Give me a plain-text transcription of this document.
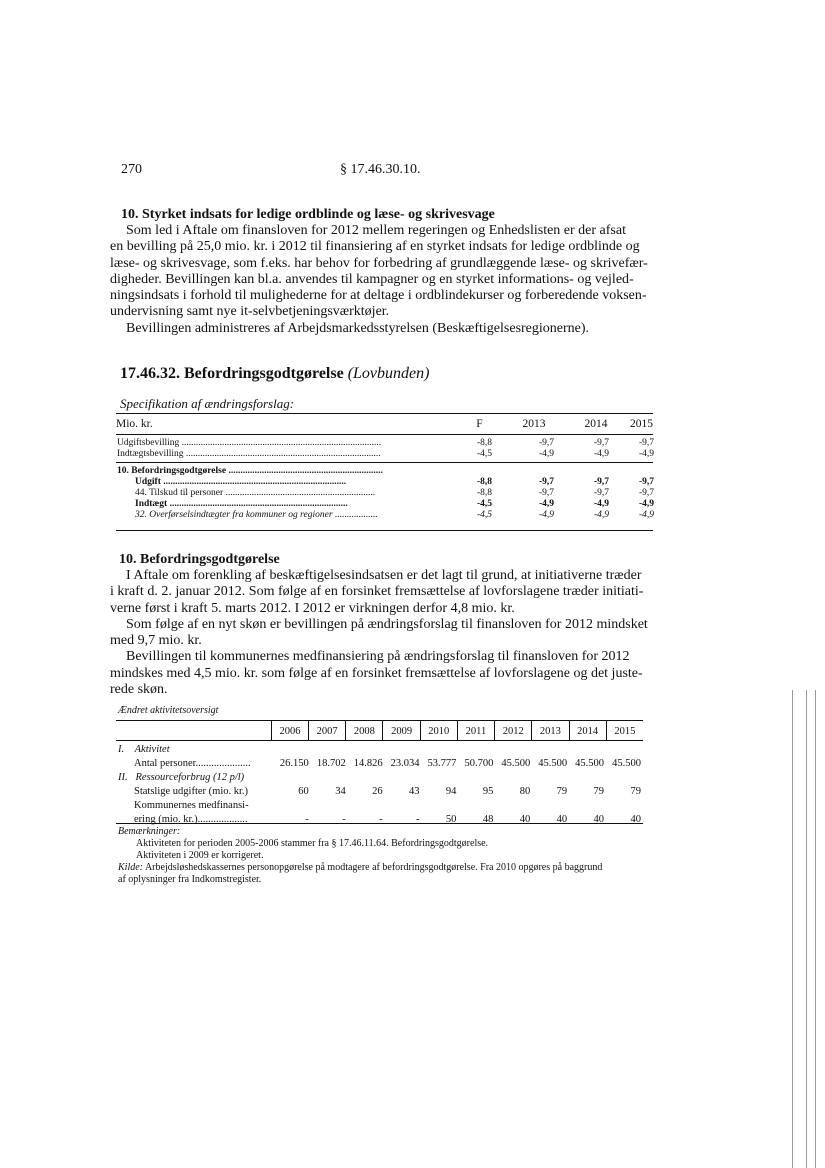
270	§ 17.46.30.10.
10. Styrket indsats for ledige ordblinde og læse- og skrivesvage
Som led i Aftale om finansloven for 2012 mellem regeringen og Enhedslisten er der afsat
en bevilling på 25,0 mio. kr. i 2012 til finansiering af en styrket indsats for ledige ordblinde og
læse- og skrivesvage, som f.eks. har behov for forbedring af grundlæggende læse- og skrivefær-
digheder. Bevillingen kan bl.a. anvendes til kampagner og en styrket informations- og vejled-
ningsindsats i forhold til mulighederne for at deltage i ordblindekurser og forberedende voksen-
undervisning samt nye it-selvbetjeningsværktøjer.
Bevillingen administreres af Arbejdsmarkedsstyrelsen (Beskæftigelsesregionerne).
17.46.32. Befordringsgodtgørelse (Lovbunden)
Specifikation af ændringsforslag:
Mio. kr.		F	2013	2014	2015
Udgiftsbevilling ....................................................................................	-8,8	-9,7	-9,7	-9,7
Indtægtsbevilling ..................................................................................	-4,5	-4,9	-4,9	-4,9
10. Befordringsgodtgørelse .................................................................				
Udgift .............................................................................	-8,8	-9,7	-9,7	-9,7
44. Tilskud til personer ...............................................................	-8,8	-9,7	-9,7	-9,7
Indtægt ...........................................................................	-4,5	-4,9	-4,9	-4,9
32. Overførselsindtægter fra kommuner og regioner ..................	-4,5	-4,9	-4,9	-4,9
10. Befordringsgodtgørelse
I Aftale om forenkling af beskæftigelsesindsatsen er det lagt til grund, at initiativerne træder
i kraft d. 2. januar 2012. Som følge af en forsinket fremsættelse af lovforslagene træder initiati-
verne først i kraft 5. marts 2012. I 2012 er virkningen derfor 4,8 mio. kr.
Som følge af en nyt skøn er bevillingen på ændringsforslag til finansloven for 2012 mindsket
med 9,7 mio. kr.
Bevillingen til kommunernes medfinansiering på ændringsforslag til finansloven for 2012
mindskes med 4,5 mio. kr. som følge af en forsinket fremsættelse af lovforslagene og det juste-
rede skøn.
Ændret aktivitetsoversigt
	2006	2007	2008	2009	2010	2011	2012	2013	2014	2015
I. Aktivitet										
Antal personer.....................	26.150	18.702	14.826	23.034	53.777	50.700	45.500	45.500	45.500	45.500
II. Ressourceforbrug (12 p/l)										
Statslige udgifter (mio. kr.)	60	34	26	43	94	95	80	79	79	79
Kommunernes medfinansi-										
ering (mio. kr.)...................	-	-	-	-	50	48	40	40	40	40
Bemærkninger:
Aktiviteten for perioden 2005-2006 stammer fra § 17.46.11.64. Befordringsgodtgørelse.
Aktiviteten i 2009 er korrigeret.
Kilde: Arbejdsløshedskassernes personopgørelse på modtagere af befordringsgodtgørelse. Fra 2010 opgøres på baggrund
af oplysninger fra Indkomstregister.
